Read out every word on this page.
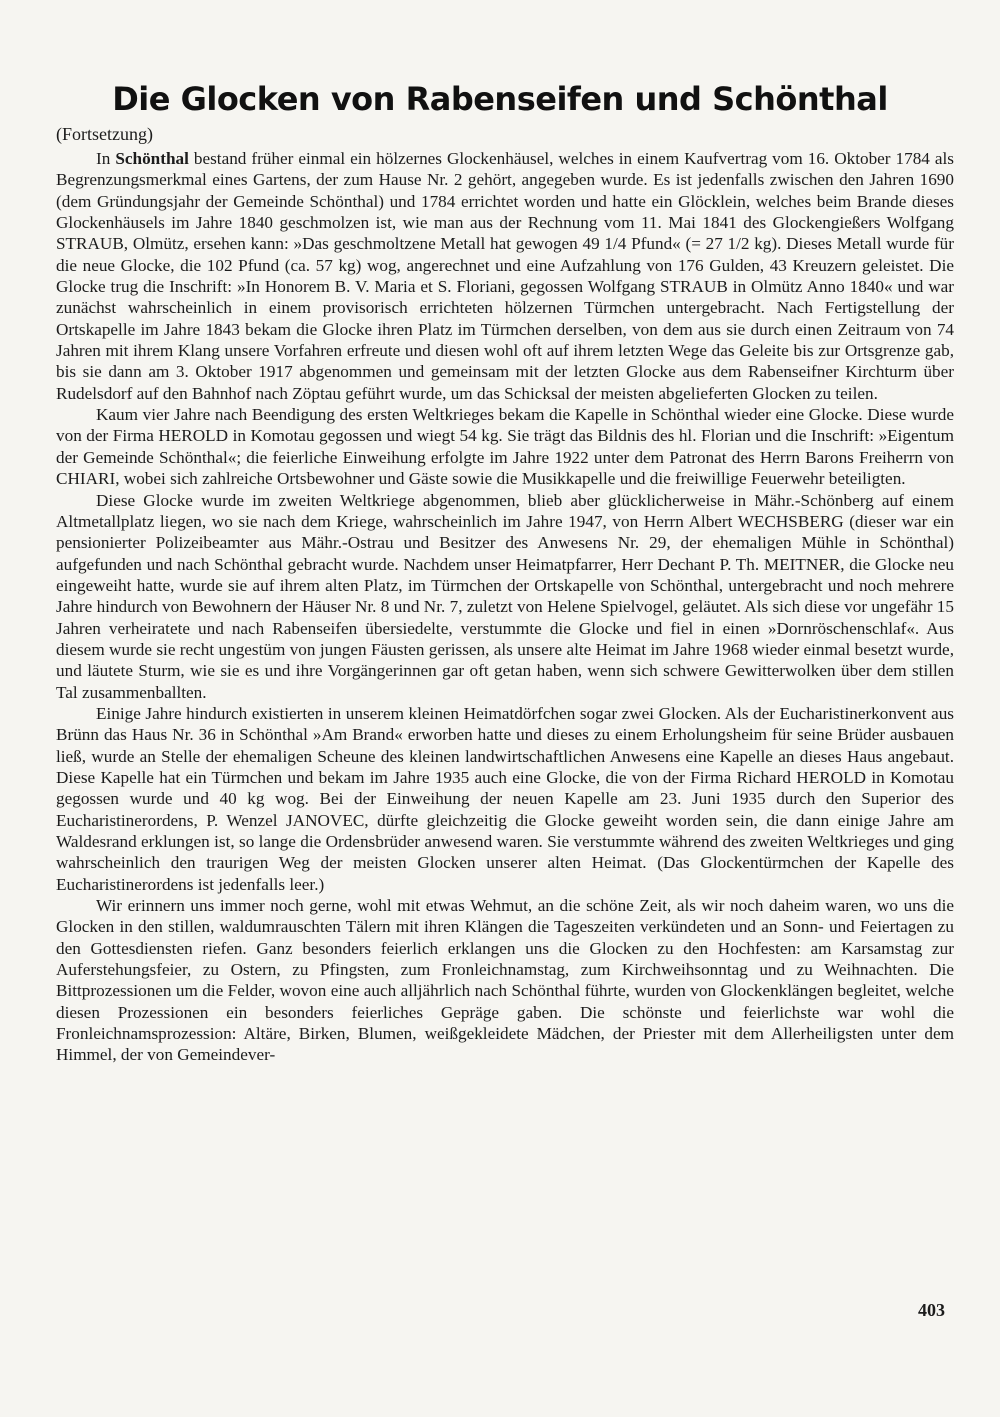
Die Glocken von Rabenseifen und Schönthal
(Fortsetzung)

In Schönthal bestand früher einmal ein hölzernes Glockenhäusel, welches in einem Kaufvertrag vom 16. Oktober 1784 als Begrenzungsmerkmal eines Gartens, der zum Hause Nr. 2 gehört, angegeben wurde. Es ist jedenfalls zwischen den Jahren 1690 (dem Gründungsjahr der Gemeinde Schönthal) und 1784 errichtet worden und hatte ein Glöcklein, welches beim Brande dieses Glockenhäusels im Jahre 1840 geschmolzen ist, wie man aus der Rechnung vom 11. Mai 1841 des Glockengießers Wolfgang STRAUB, Olmütz, ersehen kann: »Das geschmoltzene Metall hat gewogen 49 1/4 Pfund« (= 27 1/2 kg). Dieses Metall wurde für die neue Glocke, die 102 Pfund (ca. 57 kg) wog, angerechnet und eine Aufzahlung von 176 Gulden, 43 Kreuzern geleistet. Die Glocke trug die Inschrift: »In Honorem B. V. Maria et S. Floriani, gegossen Wolfgang STRAUB in Olmütz Anno 1840« und war zunächst wahrscheinlich in einem provisorisch errichteten hölzernen Türmchen untergebracht. Nach Fertigstellung der Ortskapelle im Jahre 1843 bekam die Glocke ihren Platz im Türmchen derselben, von dem aus sie durch einen Zeitraum von 74 Jahren mit ihrem Klang unsere Vorfahren erfreute und diesen wohl oft auf ihrem letzten Wege das Geleite bis zur Ortsgrenze gab, bis sie dann am 3. Oktober 1917 abgenommen und gemeinsam mit der letzten Glocke aus dem Rabenseifner Kirchturm über Rudelsdorf auf den Bahnhof nach Zöptau geführt wurde, um das Schicksal der meisten abgelieferten Glocken zu teilen.

Kaum vier Jahre nach Beendigung des ersten Weltkrieges bekam die Kapelle in Schönthal wieder eine Glocke. Diese wurde von der Firma HEROLD in Komotau gegossen und wiegt 54 kg. Sie trägt das Bildnis des hl. Florian und die Inschrift: »Eigentum der Gemeinde Schönthal«; die feierliche Einweihung erfolgte im Jahre 1922 unter dem Patronat des Herrn Barons Freiherrn von CHIARI, wobei sich zahlreiche Ortsbewohner und Gäste sowie die Musikkapelle und die freiwillige Feuerwehr beteiligten.

Diese Glocke wurde im zweiten Weltkriege abgenommen, blieb aber glücklicherweise in Mähr.-Schönberg auf einem Altmetallplatz liegen, wo sie nach dem Kriege, wahrscheinlich im Jahre 1947, von Herrn Albert WECHSBERG (dieser war ein pensionierter Polizeibeamter aus Mähr.-Ostrau und Besitzer des Anwesens Nr. 29, der ehemaligen Mühle in Schönthal) aufgefunden und nach Schönthal gebracht wurde. Nachdem unser Heimatpfarrer, Herr Dechant P. Th. MEITNER, die Glocke neu eingeweiht hatte, wurde sie auf ihrem alten Platz, im Türmchen der Ortskapelle von Schönthal, untergebracht und noch mehrere Jahre hindurch von Bewohnern der Häuser Nr. 8 und Nr. 7, zuletzt von Helene Spielvogel, geläutet. Als sich diese vor ungefähr 15 Jahren verheiratete und nach Rabenseifen übersiedelte, verstummte die Glocke und fiel in einen »Dornröschenschlaf«. Aus diesem wurde sie recht ungestüm von jungen Fäusten gerissen, als unsere alte Heimat im Jahre 1968 wieder einmal besetzt wurde, und läutete Sturm, wie sie es und ihre Vorgängerinnen gar oft getan haben, wenn sich schwere Gewitterwolken über dem stillen Tal zusammenballten.

Einige Jahre hindurch existierten in unserem kleinen Heimatdörfchen sogar zwei Glocken. Als der Eucharistinerkonvent aus Brünn das Haus Nr. 36 in Schönthal »Am Brand« erworben hatte und dieses zu einem Erholungsheim für seine Brüder ausbauen ließ, wurde an Stelle der ehemaligen Scheune des kleinen landwirtschaftlichen Anwesens eine Kapelle an dieses Haus angebaut. Diese Kapelle hat ein Türmchen und bekam im Jahre 1935 auch eine Glocke, die von der Firma Richard HEROLD in Komotau gegossen wurde und 40 kg wog. Bei der Einweihung der neuen Kapelle am 23. Juni 1935 durch den Superior des Eucharistinerordens, P. Wenzel JANOVEC, dürfte gleichzeitig die Glocke geweiht worden sein, die dann einige Jahre am Waldesrand erklungen ist, so lange die Ordensbrüder anwesend waren. Sie verstummte während des zweiten Weltkrieges und ging wahrscheinlich den traurigen Weg der meisten Glocken unserer alten Heimat. (Das Glockentürmchen der Kapelle des Eucharistinerordens ist jedenfalls leer.)

Wir erinnern uns immer noch gerne, wohl mit etwas Wehmut, an die schöne Zeit, als wir noch daheim waren, wo uns die Glocken in den stillen, waldumrauschten Tälern mit ihren Klängen die Tageszeiten verkündeten und an Sonn- und Feiertagen zu den Gottesdiensten riefen. Ganz besonders feierlich erklangen uns die Glocken zu den Hochfesten: am Karsamstag zur Auferstehungsfeier, zu Ostern, zu Pfingsten, zum Fronleichnamstag, zum Kirchweihsonntag und zu Weihnachten. Die Bittprozessionen um die Felder, wovon eine auch alljährlich nach Schönthal führte, wurden von Glockenklängen begleitet, welche diesen Prozessionen ein besonders feierliches Gepräge gaben. Die schönste und feierlichste war wohl die Fronleichnamsprozession: Altäre, Birken, Blumen, weißgekleidete Mädchen, der Priester mit dem Allerheiligsten unter dem Himmel, der von Gemeindever-

403
